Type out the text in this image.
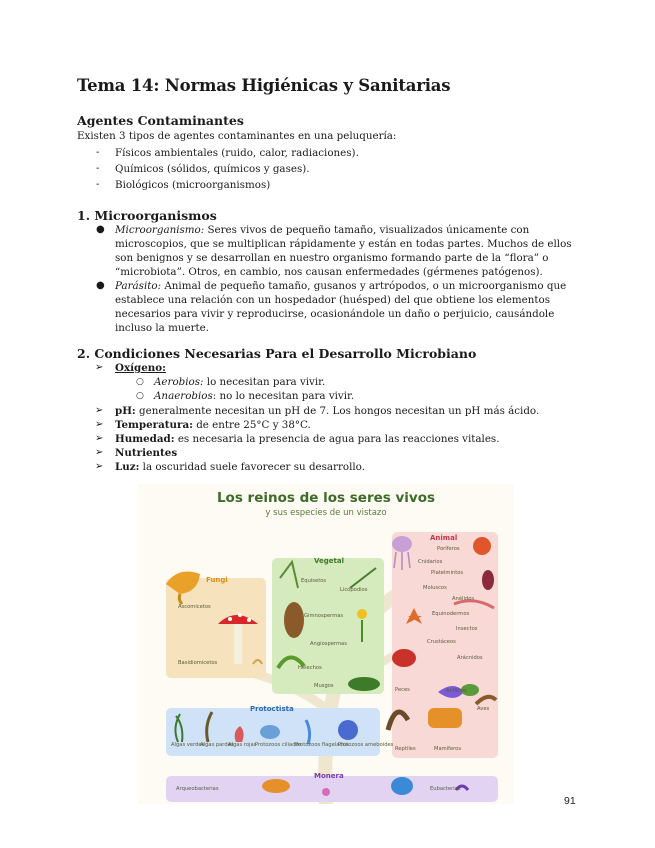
Tema 14: Normas Higiénicas y Sanitarias
Agentes Contaminantes
Existen 3 tipos de agentes contaminantes en una peluquería:
- Físicos ambientales (ruido, calor, radiaciones).
- Químicos (sólidos, químicos y gases).
- Biológicos (microorganismos)
1. Microorganismos
● Microorganismo: Seres vivos de pequeño tamaño, visualizados únicamente con
microscopios, que se multiplican rápidamente y están en todas partes. Muchos de ellos
son benignos y se desarrollan en nuestro organismo formando parte de la “flora” o
“microbiota”. Otros, en cambio, nos causan enfermedades (gérmenes patógenos).
● Parásito: Animal de pequeño tamaño, gusanos y artrópodos, o un microorganismo que
establece una relación con un hospedador (huésped) del que obtiene los elementos
necesarios para vivir y reproducirse, ocasionándole un daño o perjuicio, causándole
incluso la muerte.
2. Condiciones Necesarias Para el Desarrollo Microbiano
➢ Oxígeno:
○ Aerobios: lo necesitan para vivir.
○ Anaerobios: no lo necesitan para vivir.
➢ pH: generalmente necesitan un pH de 7. Los hongos necesitan un pH más ácido.
➢ Temperatura: de entre 25°C y 38°C.
➢ Humedad: es necesaria la presencia de agua para las reacciones vitales.
➢ Nutrientes
➢ Luz: la oscuridad suele favorecer su desarrollo.
Los reinos de los seres vivos
y sus especies de un vistazo
Fungi
Ascomicetos
Basidiomicetos
Vegetal
Equisetos
Licopodios
Gimnospermas
Angiospermas
Helechos
Musgos
Animal
Poríferos
Cnidarios
Platelmintos
Moluscos
Anélidos
Equinodermos
Insectos
Crustáceos
Arácnidos
Peces	Anfibios
Aves
Reptiles	Mamíferos
Protoctista
Algas verdes
Algas pardas
Algas rojas
Protozoos ciliados
Protozoos flagelados
Protozoos ameboides
Monera
Arqueobacterias	Eubacterias
91
